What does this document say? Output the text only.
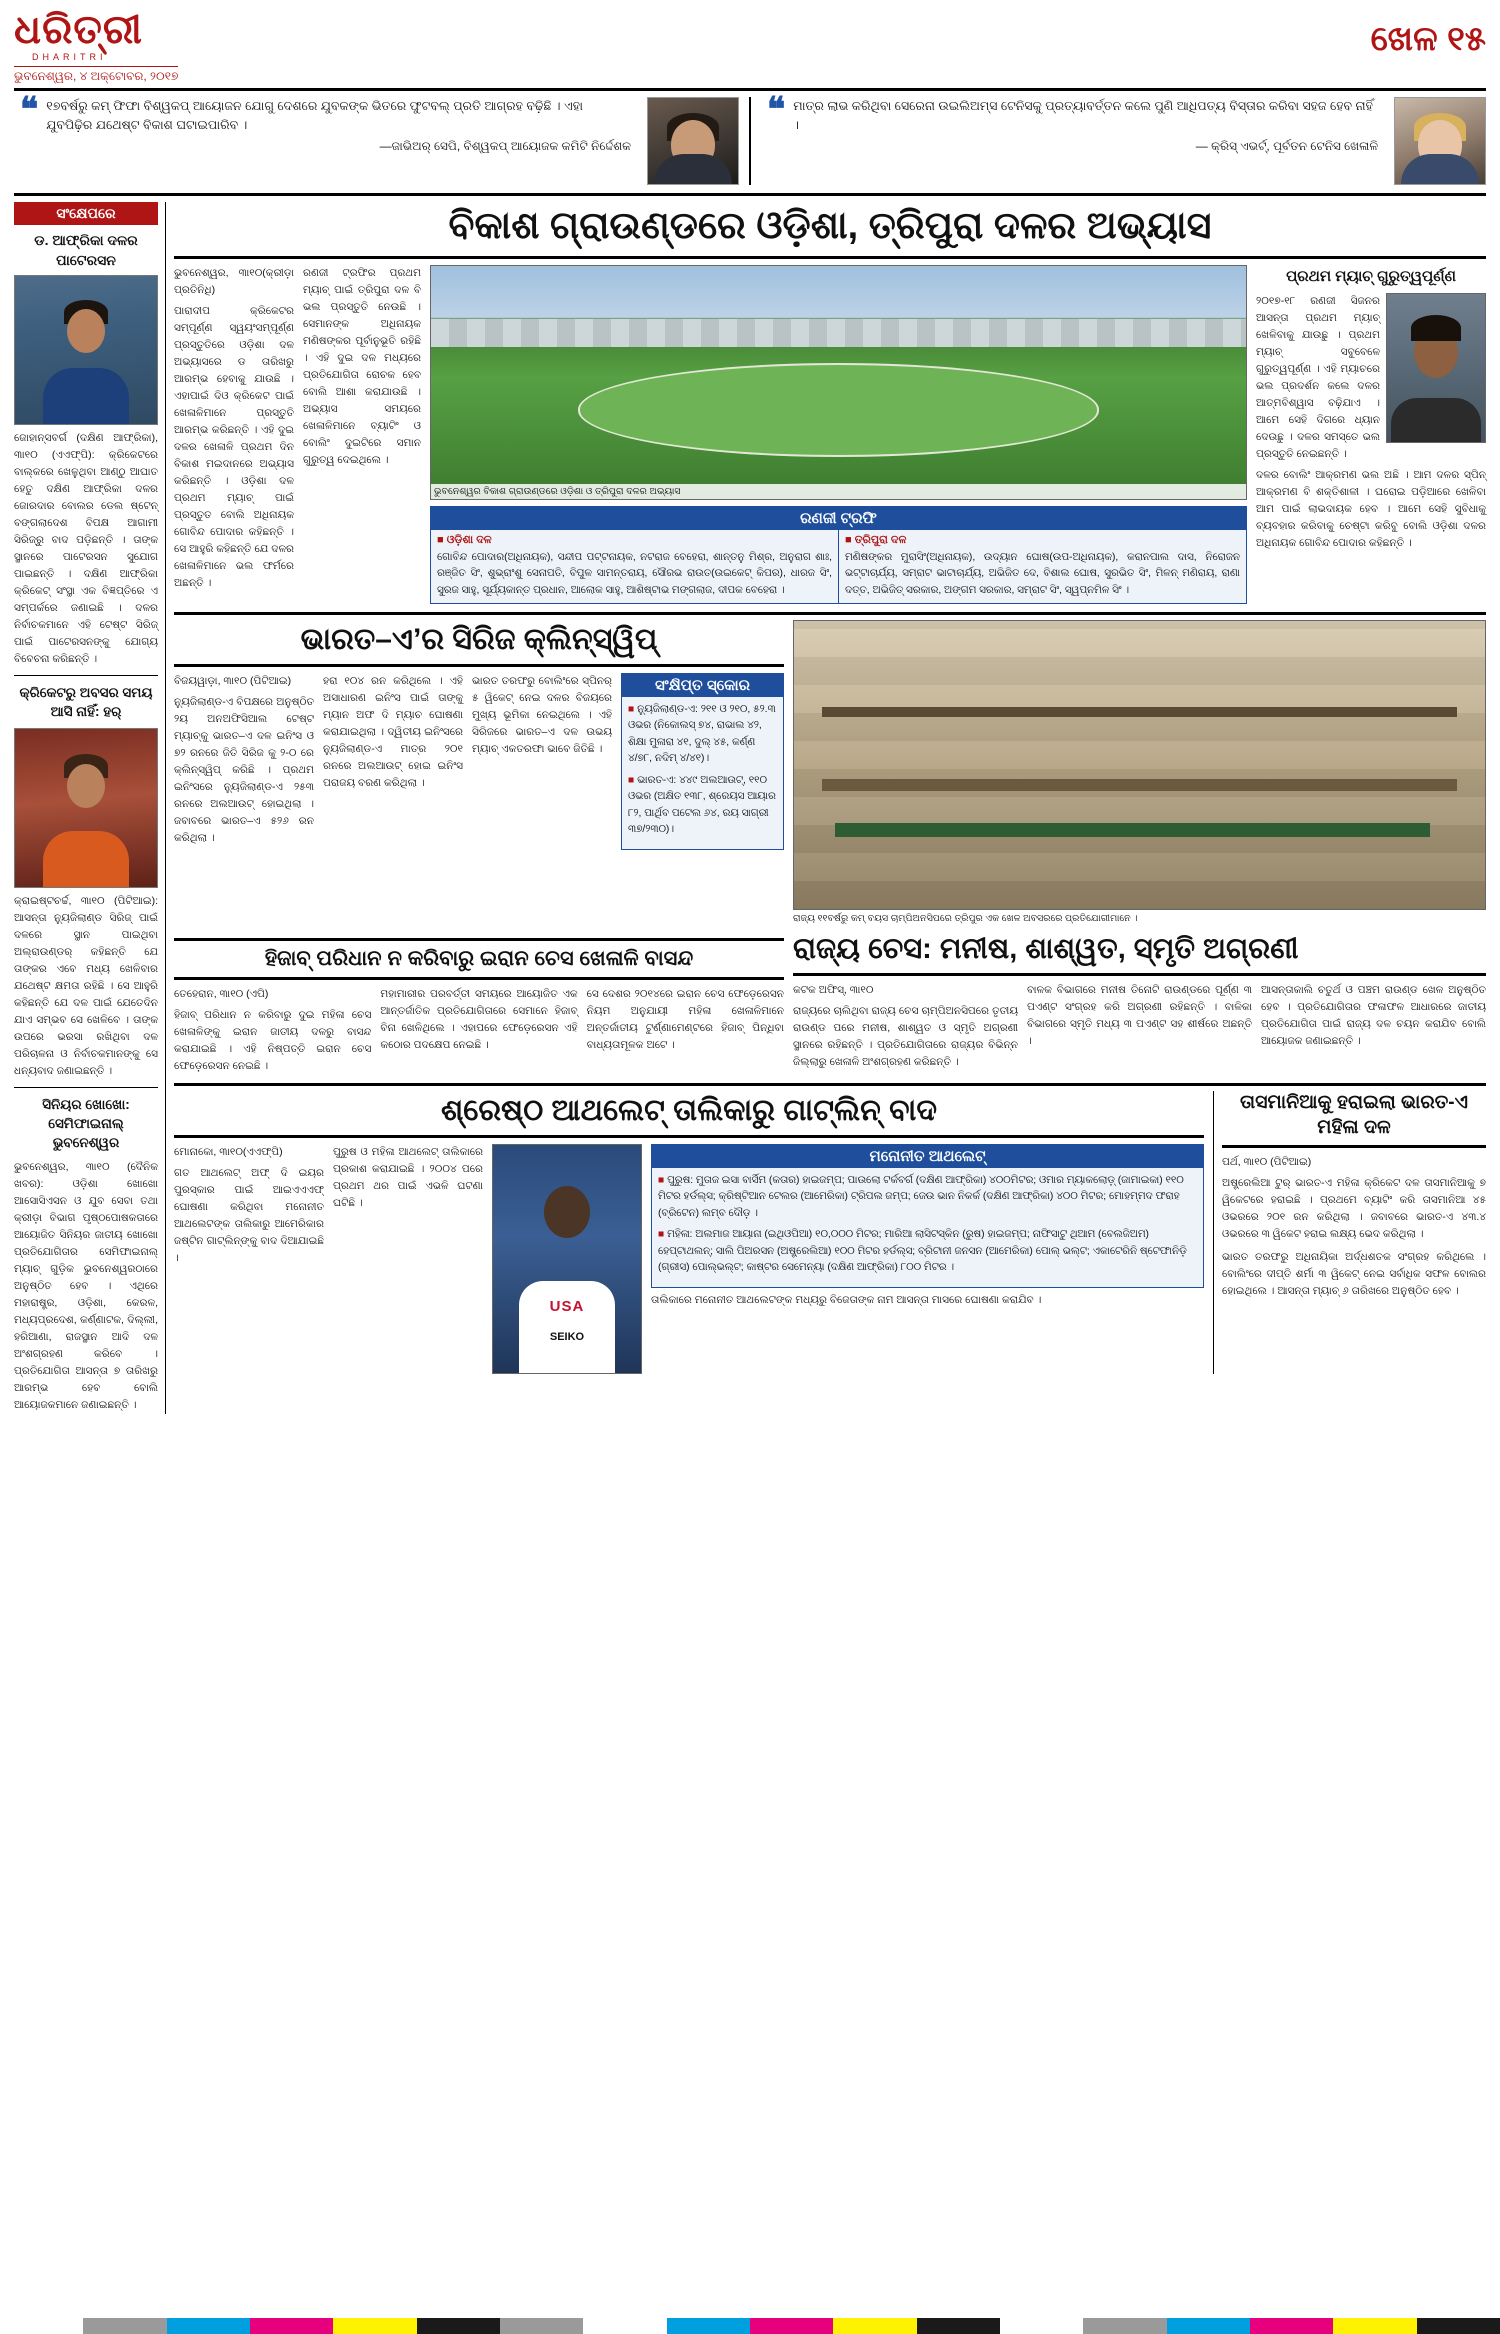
ଧରିତ୍ରୀ
DHARITRI
ଭୁବନେଶ୍ୱର, ୪ ଅକ୍ଟୋବର, ୨୦୧୭
ଖେଳ ୧୫
❝ ୧୭ବର୍ଷରୁ କମ୍ ଫିଫା ବିଶ୍ୱକପ୍ ଆୟୋଜନ ଯୋଗୁ ଦେଶରେ ଯୁବକଙ୍କ ଭିତରେ ଫୁଟବଲ୍ ପ୍ରତି ଆଗ୍ରହ ବଢ଼ିଛି । ଏହା ଯୁବପିଢ଼ିର ଯଥେଷ୍ଟ ବିକାଶ ଘଟାଇପାରିବ ।
—ଜାଭିଅର୍ ସେପି, ବିଶ୍ୱକପ୍ ଆୟୋଜକ କମିଟି ନିର୍ଦ୍ଦେଶକ
❝ ମାତ୍ର ଲାଭ କରିଥିବା ସେରେନା ଉଇଲିଅମ୍ସ ଟେନିସକୁ ପ୍ରତ୍ୟାବର୍ତ୍ତନ କଲେ ପୁଣି ଆଧିପତ୍ୟ ବିସ୍ତାର କରିବା ସହଜ ହେବ ନାହିଁ ।
— କ୍ରିସ୍ ଏଭର୍ଟ୍, ପୂର୍ବତନ ଟେନିସ ଖେଳାଳି
ସଂକ୍ଷେପରେ
ଡ. ଆଫ୍ରିକା ଦଳର ପାଟେରସନ
ଜୋହାନ୍ସବର୍ଗ (ଦକ୍ଷିଣ ଆଫ୍ରିକା), ୩ା୧୦ (ଏଏଫ୍‌ପି): କ୍ରିକେଟରେ ବାଲ୍‌କରେ ଖେଳୁଥିବା ଆଣ୍ଠୁ ଆଘାତ ହେତୁ ଦକ୍ଷିଣ ଆଫ୍ରିକା ଦଳର ଜୋରଦାର ବୋଲର ଡେଲ ଷ୍ଟେନ୍ ବଙ୍ଗଲାଦେଶ ବିପକ୍ଷ ଆଗାମୀ ସିରିଜ୍‌ରୁ ବାଦ ପଡ଼ିଛନ୍ତି । ତାଙ୍କ ସ୍ଥାନରେ ପାଟେରସନ ସୁଯୋଗ ପାଇଛନ୍ତି । ଦକ୍ଷିଣ ଆଫ୍ରିକା କ୍ରିକେଟ୍ ସଂସ୍ଥା ଏକ ବିଜ୍ଞପ୍ତିରେ ଏ ସମ୍ପର୍କରେ ଜଣାଇଛି । ଦଳର ନିର୍ବାଚକମାନେ ଏହି ଟେଷ୍ଟ ସିରିଜ୍ ପାଇଁ ପାଟେରସନଙ୍କୁ ଯୋଗ୍ୟ ବିବେଚନା କରିଛନ୍ତି ।
କ୍ରିକେଟରୁ ଅବସର ସମୟ ଆସି ନାହିଁ: ହର୍‌
କ୍ରାଇଷ୍ଟଚର୍ଚ୍ଚ, ୩ା୧୦ (ପିଟିଆଇ): ଆସନ୍ତା ନ୍ୟୁଜିଲାଣ୍ଡ ସିରିଜ୍ ପାଇଁ ଦଳରେ ସ୍ଥାନ ପାଇଥିବା ଅଲ୍‌ରାଉଣ୍ଡର୍ କହିଛନ୍ତି ଯେ ତାଙ୍କର ଏବେ ମଧ୍ୟ ଖେଳିବାର ଯଥେଷ୍ଟ କ୍ଷମତା ରହିଛି । ସେ ଆହୁରି କହିଛନ୍ତି ଯେ ଦଳ ପାଇଁ ଯେତେଦିନ ଯାଏ ସମ୍ଭବ ସେ ଖେଳିବେ । ତାଙ୍କ ଉପରେ ଭରସା ରଖିଥିବା ଦଳ ପରିଚାଳନା ଓ ନିର୍ବାଚକମାନଙ୍କୁ ସେ ଧନ୍ୟବାଦ ଜଣାଇଛନ୍ତି ।
ସିନିୟର ଖୋଖୋ: ସେମିଫାଇନାଲ୍ ଭୁବନେଶ୍ୱର
ଭୁବନେଶ୍ୱର, ୩ା୧୦ (ଦୈନିକ ଖବର): ଓଡ଼ିଶା ଖୋଖୋ ଆସୋସିଏସନ ଓ ଯୁବ ସେବା ତଥା କ୍ରୀଡ଼ା ବିଭାଗ ପୃଷ୍ଠପୋଷକତାରେ ଆୟୋଜିତ ସିନିୟର ଜାତୀୟ ଖୋଖୋ ପ୍ରତିଯୋଗିତାର ସେମିଫାଇନାଲ୍ ମ୍ୟାଚ୍ ଗୁଡ଼ିକ ଭୁବନେଶ୍ୱରଠାରେ ଅନୁଷ୍ଠିତ ହେବ । ଏଥିରେ ମହାରାଷ୍ଟ୍ର, ଓଡ଼ିଶା, କେରଳ, ମଧ୍ୟପ୍ରଦେଶ, କର୍ଣ୍ଣାଟକ, ଦିଲ୍ଲୀ, ହରିଆଣା, ରାଜସ୍ଥାନ ଆଦି ଦଳ ଅଂଶଗ୍ରହଣ କରିବେ । ପ୍ରତିଯୋଗିତା ଆସନ୍ତା ୭ ତାରିଖରୁ ଆରମ୍ଭ ହେବ ବୋଲି ଆୟୋଜକମାନେ ଜଣାଇଛନ୍ତି ।
ବିକାଶ ଗ୍ରାଉଣ୍ଡରେ ଓଡ଼ିଶା, ତ୍ରିପୁରା ଦଳର ଅଭ୍ୟାସ
ଭୁବନେଶ୍ୱର, ୩ା୧୦(କ୍ରୀଡ଼ା ପ୍ରତିନିଧି)
ପାରାଦୀପ କ୍ରିକେଟର ସମ୍ପୂର୍ଣ୍ଣ ସ୍ୱୟଂସମ୍ପୂର୍ଣ୍ଣ ପ୍ରସ୍ତୁତିରେ ଓଡ଼ିଶା ଦଳ ଅଭ୍ୟାସରେ ଡ ତାରିଖରୁ ଆରମ୍ଭ ହେବାକୁ ଯାଉଛି । ଏହାପାଇଁ ଦିଓ କ୍ରିକେଟ ପାଇଁ ଖେଳାଳିମାନେ ପ୍ରସ୍ତୁତି ଆରମ୍ଭ କରିଛନ୍ତି । ଏହି ଦୁଇ ଦଳର ଖେଳାଳି ପ୍ରଥମ ଦିନ ବିକାଶ ମଇଦାନରେ ଅଭ୍ୟାସ କରିଛନ୍ତି । ଓଡ଼ିଶା ଦଳ ପ୍ରଥମ ମ୍ୟାଚ୍ ପାଇଁ ପ୍ରସ୍ତୁତ ବୋଲି ଅଧିନାୟକ ଗୋବିନ୍ଦ ପୋଦାର କହିଛନ୍ତି । ସେ ଆହୁରି କହିଛନ୍ତି ଯେ ଦଳର ଖେଳାଳିମାନେ ଭଲ ଫର୍ମରେ ଅଛନ୍ତି ।
ରଣଜୀ ଟ୍ରଫିର ପ୍ରଥମ ମ୍ୟାଚ୍ ପାଇଁ ତ୍ରିପୁରା ଦଳ ବି ଭଲ ପ୍ରସ୍ତୁତି ନେଉଛି । ସେମାନଙ୍କ ଅଧିନାୟକ ମଣିଷଙ୍କର ପୂର୍ବାନୁଭୂତି ରହିଛି । ଏହି ଦୁଇ ଦଳ ମଧ୍ୟରେ ପ୍ରତିଯୋଗିତା ରୋଚକ ହେବ ବୋଲି ଆଶା କରାଯାଉଛି । ଅଭ୍ୟାସ ସମୟରେ ଖେଳାଳିମାନେ ବ୍ୟାଟିଂ ଓ ବୋଲିଂ ଦୁଇଟିରେ ସମାନ ଗୁରୁତ୍ୱ ଦେଇଥିଲେ ।
ଭୁବନେଶ୍ୱର ବିକାଶ ଗ୍ରାଉଣ୍ଡରେ ଓଡ଼ିଶା ଓ ତ୍ରିପୁରା ଦଳର ଅଭ୍ୟାସ
ରଣଜୀ ଟ୍ରଫି
■ ଓଡ଼ିଶା ଦଳ
ଗୋବିନ୍ଦ ପୋଦାର(ଅଧିନାୟକ), ସନ୍ଦୀପ ପଟ୍ଟନାୟକ, ନଟରାଜ ବେହେରା, ଶାନ୍ତନୁ ମିଶ୍ର, ଅନୁରାଗ ଶାଃ, ରଞ୍ଜିତ ସିଂ, ଶୁଭ୍ରାଂଶୁ ସେନାପତି, ବିପୁଳ ସାମନ୍ତରାୟ, ସୌରଭ ରାଉତ(ଉଇକେଟ୍ କିପର), ଧାରଜ ସିଂ, ସୁରଜ ସାହୁ, ସୂର୍ଯ୍ୟକାନ୍ତ ପ୍ରଧାନ, ଆଲୋକ ସାହୁ, ଆଶିଷ୍ଟାଭ ମଙ୍ଗଲାଜ, ଦୀପକ ବେହେରା ।
■ ତ୍ରିପୁରା ଦଳ
ମଣିଷଙ୍କର ମୁରାସିଂ(ଅଧିନାୟକ), ଉଦ୍ୟାନ ଘୋଷ(ଉପ-ଅଧିନାୟକ), କରାନପାଲ ଦାସ, ନିରୋଜନ ଭଟ୍ଟାଚାର୍ଯ୍ୟ, ସମ୍ରାଟ ଭାଟାଚାର୍ଯ୍ୟ, ଅଭିଜିତ ଦେ, ବିଶାଲ ଘୋଷ, ସୁରଭିତ ସିଂ, ମିଳନ୍ ମଣିରାୟ, ରାଣା ଦତ୍ତ, ଅଭିଜିତ୍ ସରକାର, ଅଙ୍ଗମ ସରକାର, ସମ୍ରାଟ ସିଂ, ସ୍ୱପ୍ନମିଳ ସିଂ ।
ପ୍ରଥମ ମ୍ୟାଚ୍ ଗୁରୁତ୍ୱପୂର୍ଣ୍ଣ
୨୦୧୭-୧୮ ରଣଜୀ ସିଜନର ଆସନ୍ତା ପ୍ରଥମ ମ୍ୟାଚ୍ ଖେଳିବାକୁ ଯାଉଛୁ । ପ୍ରଥମ ମ୍ୟାଚ୍ ସବୁବେଳେ ଗୁରୁତ୍ୱପୂର୍ଣ୍ଣ । ଏହି ମ୍ୟାଚରେ ଭଲ ପ୍ରଦର୍ଶନ କଲେ ଦଳର ଆତ୍ମବିଶ୍ୱାସ ବଢ଼ିଯାଏ । ଆମେ ସେହି ଦିଗରେ ଧ୍ୟାନ ଦେଉଛୁ । ଦଳର ସମସ୍ତେ ଭଲ ପ୍ରସ୍ତୁତି ନେଇଛନ୍ତି ।
ଦଳର ବୋଲିଂ ଆକ୍ରମଣ ଭଲ ଅଛି । ଆମ ଦଳର ସ୍ପିନ୍ ଆକ୍ରମଣ ବି ଶକ୍ତିଶାଳୀ । ଘରୋଇ ପଡ଼ିଆରେ ଖେଳିବା ଆମ ପାଇଁ ଲାଭଦାୟକ ହେବ । ଆମେ ସେହି ସୁବିଧାକୁ ବ୍ୟବହାର କରିବାକୁ ଚେଷ୍ଟା କରିବୁ ବୋଲି ଓଡ଼ିଶା ଦଳର ଅଧିନାୟକ ଗୋବିନ୍ଦ ପୋଦାର କହିଛନ୍ତି ।
ଭାରତ–ଏ’ର ସିରିଜ କ୍ଲିନ୍‌ସ୍ୱିପ୍
ବିଜୟୱାଡ଼ା, ୩ା୧୦ (ପିଟିଆଇ)
ନ୍ୟୁଜିଲାଣ୍ଡ-ଏ ବିପକ୍ଷରେ ଅନୁଷ୍ଠିତ ୨ୟ ଅନଅଫିସିଆଲ ଟେଷ୍ଟ ମ୍ୟାଚ୍‌କୁ ଭାରତ–ଏ ଦଳ ଇନିଂସ ଓ ୭୨ ରନରେ ଜିତି ସିରିଜ କୁ ୨-୦ ରେ କ୍ଲିନ୍‌ସ୍ୱିପ୍ କରିଛି । ପ୍ରଥମ ଇନିଂସରେ ନ୍ୟୁଜିଲାଣ୍ଡ-ଏ ୨୫୩ ରନରେ ଅଲଆଉଟ୍ ହୋଇଥିଲା । ଜବାବରେ ଭାରତ–ଏ ୫୨୬ ରନ କରିଥିଲା ।
ହରା ୧୦୪ ରନ କରିଥିଲେ । ଏହି ଅସାଧାରଣ ଇନିଂସ ପାଇଁ ତାଙ୍କୁ ମ୍ୟାନ ଅଫ ଦି ମ୍ୟାଚ ଘୋଷଣା କରାଯାଇଥିଲା । ଦ୍ୱିତୀୟ ଇନିଂସରେ ନ୍ୟୁଜିଲାଣ୍ଡ-ଏ ମାତ୍ର ୨୦୧ ରନରେ ଅଲଆଉଟ୍ ହୋଇ ଇନିଂସ ପରାଜୟ ବରଣ କରିଥିଲା ।
ଭାରତ ତରଫରୁ ବୋଲିଂରେ ସ୍ପିନର୍ ୫ ୱିକେଟ୍ ନେଇ ଦଳର ବିଜୟରେ ମୁଖ୍ୟ ଭୂମିକା ନେଇଥିଲେ । ଏହି ସିରିଜରେ ଭାରତ–ଏ ଦଳ ଉଭୟ ମ୍ୟାଚ୍ ଏକତରଫା ଭାବେ ଜିତିଛି ।
ସଂକ୍ଷିପ୍ତ ସ୍କୋର
■ ନ୍ୟୁଜିଲାଣ୍ଡ-ଏ: ୨୧୧ ଓ ୨୧୦, ୫୨.୩ ଓଭର (ନିକୋଲସ୍ ୭୪, ରାଭାଲ ୪୨, ଶିକ୍ଷା ମୁଳାରା ୪୧, ଦୁଲ୍‌ ୪୫, କର୍ଣ୍ଣ ୪/୭୮, ନଦିମ୍ ୪/୪୧)।
■ ଭାରତ-ଏ: ୪୪୯ ଅଲଆଉଟ୍, ୧୧୦ ଓଭର (ଅକ୍ଷିତ ୧୩୮, ଶ୍ରେୟସ ଆୟାର ୮୨, ପାର୍ଥିବ ପଟେଲ ୬୪, ରୟ ସାଗ୍ରୀ ୩୭/୨୩୦)।
ରାଜ୍ୟ ୧୧ବର୍ଷରୁ କମ୍ ବୟସ ଚାମ୍ପିଅନସିପରେ ତ୍ରିପୁର ଏକ ଖେଳ ଅବସରରେ ପ୍ରତିଯୋଗୀମାନେ ।
ହିଜାବ୍ ପରିଧାନ ନ କରିବାରୁ ଇରାନ ଚେସ ଖେଳାଳି ବାସନ୍ଦ
ତେହେରାନ, ୩ା୧୦ (ଏପି)
ହିଜାବ୍ ପରିଧାନ ନ କରିବାରୁ ଦୁଇ ମହିଳା ଚେସ ଖେଳାଳିଙ୍କୁ ଇରାନ ଜାତୀୟ ଦଳରୁ ବାସନ୍ଦ କରାଯାଇଛି । ଏହି ନିଷ୍ପତ୍ତି ଇରାନ ଚେସ ଫେଡ଼େରେସନ ନେଇଛି ।
ମହାମାରୀର ପରବର୍ତ୍ତୀ ସମୟରେ ଆୟୋଜିତ ଏକ ଆନ୍ତର୍ଜାତିକ ପ୍ରତିଯୋଗିତାରେ ସେମାନେ ହିଜାବ୍ ବିନା ଖେଳିଥିଲେ । ଏହାପରେ ଫେଡ଼େରେସନ ଏହି କଠୋର ପଦକ୍ଷେପ ନେଇଛି ।
ସେ ଦେଶର ୨୦୧୪ରେ ଇରାନ ଚେସ ଫେଡ଼େରେସନ ନିୟମ ଅନୁଯାୟୀ ମହିଳା ଖେଳାଳିମାନେ ଅନ୍ତର୍ଜାତୀୟ ଟୁର୍ଣ୍ଣାମେଣ୍ଟରେ ହିଜାବ୍ ପିନ୍ଧିବା ବାଧ୍ୟତାମୂଳକ ଅଟେ ।
ରାଜ୍ୟ ଚେସ: ମନୀଷ, ଶାଶ୍ୱତ, ସ୍ମୃତି ଅଗ୍ରଣୀ
କଟକ ଅଫିସ୍, ୩ା୧୦
ରାଜ୍ୟରେ ଚାଲିଥିବା ରାଜ୍ୟ ଚେସ ଚାମ୍ପିଅନସିପରେ ତୃତୀୟ ରାଉଣ୍ଡ ପରେ ମନୀଷ, ଶାଶ୍ୱତ ଓ ସ୍ମୃତି ଅଗ୍ରଣୀ ସ୍ଥାନରେ ରହିଛନ୍ତି । ପ୍ରତିଯୋଗିତାରେ ରାଜ୍ୟର ବିଭିନ୍ନ ଜିଲ୍ଲାରୁ ଖେଳାଳି ଅଂଶଗ୍ରହଣ କରିଛନ୍ତି ।
ବାଳକ ବିଭାଗରେ ମନୀଷ ତିନୋଟି ରାଉଣ୍ଡରେ ପୂର୍ଣ୍ଣ ୩ ପଏଣ୍ଟ ସଂଗ୍ରହ କରି ଅଗ୍ରଣୀ ରହିଛନ୍ତି । ବାଳିକା ବିଭାଗରେ ସ୍ମୃତି ମଧ୍ୟ ୩ ପଏଣ୍ଟ ସହ ଶୀର୍ଷରେ ଅଛନ୍ତି ।
ଆସନ୍ତାକାଲି ଚତୁର୍ଥ ଓ ପଞ୍ଚମ ରାଉଣ୍ଡ ଖେଳ ଅନୁଷ୍ଠିତ ହେବ । ପ୍ରତିଯୋଗିତାର ଫଳାଫଳ ଆଧାରରେ ଜାତୀୟ ପ୍ରତିଯୋଗିତା ପାଇଁ ରାଜ୍ୟ ଦଳ ଚୟନ କରାଯିବ ବୋଲି ଆୟୋଜକ ଜଣାଇଛନ୍ତି ।
ଶ୍ରେଷ୍ଠ ଆଥଲେଟ୍ ତାଲିକାରୁ ଗାଟ୍‌ଲିନ୍ ବାଦ
ମୋନାକୋ, ୩ା୧୦(ଏଏଫ୍‌ପି)
ଗତ ଆଥଲେଟ୍ ଅଫ୍ ଦି ଇୟର ପୁରସ୍କାର ପାଇଁ ଆଇଏଏଏଫ୍ ଘୋଷଣା କରିଥିବା ମନୋନୀତ ଆଥଲେଟଙ୍କ ତାଲିକାରୁ ଆମେରିକାର ଜଷ୍ଟିନ ଗାଟ୍‌ଲିନ୍‌ଙ୍କୁ ବାଦ ଦିଆଯାଇଛି ।
ପୁରୁଷ ଓ ମହିଳା ଆଥଲେଟ୍ ତାଲିକାରେ ପ୍ରକାଶ କରାଯାଇଛି । ୨୦୦୪ ପରେ ପ୍ରଥମ ଥର ପାଇଁ ଏଭଳି ଘଟଣା ଘଟିଛି ।
USA
SEIKO
ମନୋନୀତ ଆଥଲେଟ୍
■ ପୁରୁଷ: ମୁତାଜ ଇସା ବାର୍ସିମ (କତାର) ହାଇଜମ୍ପ; ପାଉଲୋ ଟର୍କବର୍ଗ (ଦକ୍ଷିଣ ଆଫ୍ରିକା) ୪୦୦ମିଟର; ଓମାର ମ୍ୟାକଲୋଡ଼୍ (ଜାମାଇକା) ୧୧୦ ମିଟର ହର୍ଡଲ୍ସ; କ୍ରିଷ୍ଟିଆନ ଟେଲର (ଆମେରିକା) ଟ୍ରିପଲ ଜମ୍ପ; ଜେଉ ଭାନ ନିକର୍କ (ଦକ୍ଷିଣ ଆଫ୍ରିକା) ୪୦୦ ମିଟର; ମୋହମ୍ମଦ ଫରାହ (ବ୍ରିଟେନ) ଲମ୍ବ ଦୌଡ଼ ।
■ ମହିଳା: ଅଲମାଜ ଆୟାନା (ଇଥିଓପିଆ) ୧୦,୦୦୦ ମିଟର; ମାରିଆ ଲାସିଟସ୍କିନ (ରୁଷ) ହାଇଜମ୍ପ; ନାଫିସାଟୁ ଥିଆମ (ବେଲଜିଅମ) ହେପ୍‌ଟାଥଲନ୍; ସାଲି ପିଅରସନ (ଅଷ୍ଟ୍ରେଲିଆ) ୧୦୦ ମିଟର ହର୍ଡଲ୍ସ; ବ୍ରିଟାନୀ ଜନସନ (ଆମେରିକା) ପୋଲ୍ ଭଲ୍ଟ; ଏକାଟେରିନି ଷ୍ଟେଫାନିଡ଼ି (ଗ୍ରୀସ) ପୋଲ୍‌ଭଲ୍ଟ; କାଷ୍ଟର ସେମେନ୍ୟା (ଦକ୍ଷିଣ ଆଫ୍ରିକା) ୮୦୦ ମିଟର ।
ତାଲିକାରେ ମନୋନୀତ ଆଥଲେଟଙ୍କ ମଧ୍ୟରୁ ବିଜେତାଙ୍କ ନାମ ଆସନ୍ତା ମାସରେ ଘୋଷଣା କରାଯିବ ।
ତାସମାନିଆକୁ ହରାଇଲା ଭାରତ-ଏ ମହିଳା ଦଳ
ପର୍ଥ, ୩ା୧୦ (ପିଟିଆଇ)
ଅଷ୍ଟ୍ରେଲିଆ ଟୁର୍ ଭାରତ-ଏ ମହିଳା କ୍ରିକେଟ ଦଳ ତାସମାନିଆକୁ ୭ ୱିକେଟରେ ହରାଇଛି । ପ୍ରଥମେ ବ୍ୟାଟିଂ କରି ତାସମାନିଆ ୪୫ ଓଭରରେ ୨୦୧ ରନ କରିଥିଲା । ଜବାବରେ ଭାରତ-ଏ ୪୩.୪ ଓଭରରେ ୩ ୱିକେଟ ହରାଇ ଲକ୍ଷ୍ୟ ଭେଦ କରିଥିଲା ।
ଭାରତ ତରଫରୁ ଅଧିନାୟିକା ଅର୍ଦ୍ଧଶତକ ସଂଗ୍ରହ କରିଥିଲେ । ବୋଲିଂରେ ଦୀପ୍ତି ଶର୍ମା ୩ ୱିକେଟ୍ ନେଇ ସର୍ବାଧିକ ସଫଳ ବୋଲର ହୋଇଥିଲେ । ଆସନ୍ତା ମ୍ୟାଚ୍ ୬ ତାରିଖରେ ଅନୁଷ୍ଠିତ ହେବ ।
